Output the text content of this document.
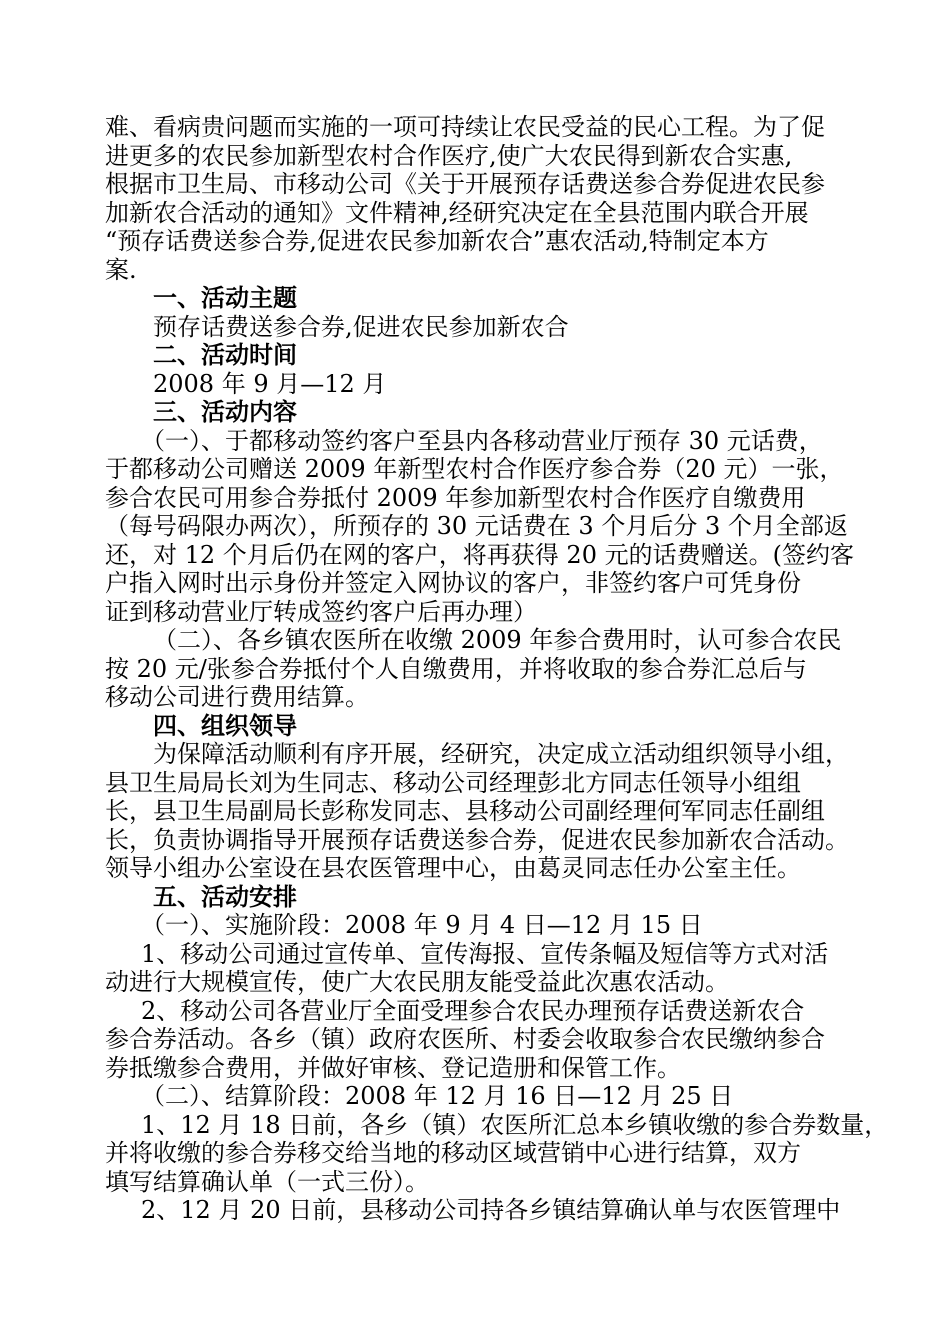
难、看病贵问题而实施的一项可持续让农民受益的民心工程。为了促
进更多的农民参加新型农村合作医疗,使广大农民得到新农合实惠,
根据市卫生局、市移动公司《关于开展预存话费送参合券促进农民参
加新农合活动的通知》文件精神,经研究决定在全县范围内联合开展
“预存话费送参合券,促进农民参加新农合”惠农活动,特制定本方
案.
一、活动主题
预存话费送参合券,促进农民参加新农合
二、活动时间
2008 年 9 月—12 月
三、活动内容
（一）、于都移动签约客户至县内各移动营业厅预存 30 元话费，
于都移动公司赠送 2009 年新型农村合作医疗参合券（20 元）一张，
参合农民可用参合券抵付 2009 年参加新型农村合作医疗自缴费用
（每号码限办两次），所预存的 30 元话费在 3 个月后分 3 个月全部返
还，对 12 个月后仍在网的客户，将再获得 20 元的话费赠送。(签约客
户指入网时出示身份并签定入网协议的客户，非签约客户可凭身份
证到移动营业厅转成签约客户后再办理）
（二）、各乡镇农医所在收缴 2009 年参合费用时，认可参合农民
按 20 元/张参合券抵付个人自缴费用，并将收取的参合券汇总后与
移动公司进行费用结算。
四、组织领导
为保障活动顺利有序开展，经研究，决定成立活动组织领导小组，
县卫生局局长刘为生同志、移动公司经理彭北方同志任领导小组组
长，县卫生局副局长彭称发同志、县移动公司副经理何军同志任副组
长，负责协调指导开展预存话费送参合券，促进农民参加新农合活动。
领导小组办公室设在县农医管理中心，由葛灵同志任办公室主任。
五、活动安排
（一）、实施阶段：2008 年 9 月 4 日—12 月 15 日
1、移动公司通过宣传单、宣传海报、宣传条幅及短信等方式对活
动进行大规模宣传，使广大农民朋友能受益此次惠农活动。
2、移动公司各营业厅全面受理参合农民办理预存话费送新农合
参合券活动。各乡（镇）政府农医所、村委会收取参合农民缴纳参合
券抵缴参合费用，并做好审核、登记造册和保管工作。
（二）、结算阶段：2008 年 12 月 16 日—12 月 25 日
1、12 月 18 日前，各乡（镇）农医所汇总本乡镇收缴的参合券数量，
并将收缴的参合券移交给当地的移动区域营销中心进行结算，双方
填写结算确认单（一式三份）。
2、12 月 20 日前，县移动公司持各乡镇结算确认单与农医管理中
